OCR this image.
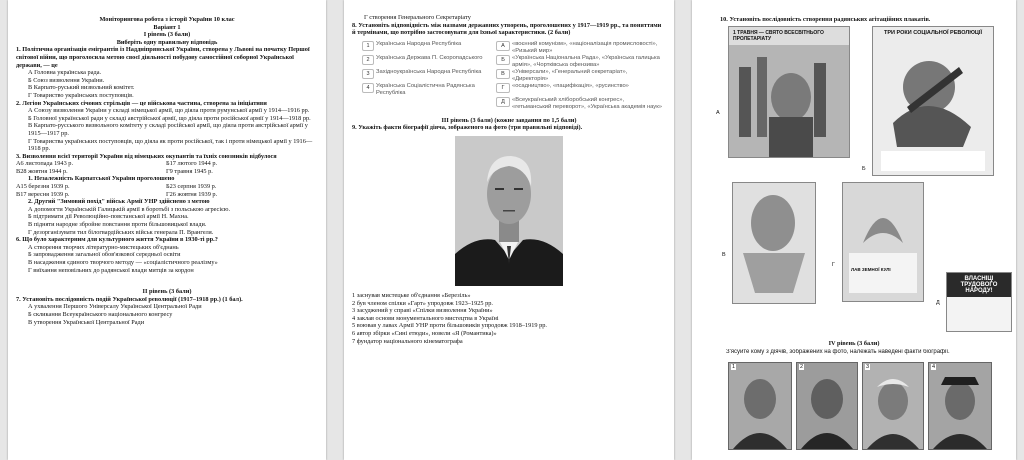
Моніторингова робота з історії України 10 клас

Варіант 1

І рівень (3 бали)

Виберіть одну правильну відповідь

1. Політична організація емігрантів із Наддніпрянської України, створена у Львові на початку Першої світової війни, що проголосила метою своєї діяльності побудову самостійної соборної Української держави, — це

А Головна українська рада.

Б Союз визволення України.

В Карпато-руський визвольний комітет.

Г Товариство українських поступовців.

2. Легіон Українських січових стрільців — це військова частина, створена за ініціативи

А Союзу визволення України у складі німецької армії, що діяла проти румунської армії у 1914—1916 рр.

Б Головної української ради у складі австрійської армії, що діяла проти російської армії у 1914—1918 рр.

В Карпато-русського визвольного комітету у складі російської армії, що діяла проти австрійської армії у 1915—1917 рр.

Г Товариства українських поступовців, що діяла як проти російської, так і проти німецької армії у 1916—1918 рр.

3. Визволення всієї території України від німецьких окупантів та їхніх союзників відбулося

А6 листопада 1943 р.	Б17 лютого 1944 р.

В28 жовтня 1944 р.	Г9 травня 1945 р.

1. Незалежність Карпатської України проголошено

А15 березня 1939 р.	Б23 серпня 1939 р.

В17 вересня 1939 р.	Г26 жовтня 1939 р.

2. Другий "Зимовий похід" військ Армії УНР здійснено з метою

А допомогти Українській Галицькій армії в боротьбі з польською агресією.

Б підтримати дії Революційно-повстанської армії Н. Махна.

В підняти народне збройне повстання проти більшовицької влади.

Г дезорганізувати тил білогвардійських військ генерала П. Врангеля.

6. Що було характерним для культурного життя України в 1930-ті рр.?

А створення творчих літературно-мистецьких об'єднань

Б запровадження загальної обов'язкової середньої освіти

В насадження єдиного творчого методу — «соціалістичного реалізму»

Г виїхання неповільних до радянської влади митців за кордон

ІІ рівень (3 бали)

7. Установіть послідовність подій Української революції (1917–1918 рр.) (1 бал).

А ухвалення Першого Універсалу Української Центральної Ради

Б скликання Всеукраїнського національного конгресу

В утворення Української Центральної Ради

Г створення Генерального Секретаріату

8. Установіть відповідність між назвами державних утворень, проголошених у 1917—1919 рр., та поняттями й термінами, що потрібно застосовувати для їхньої характеристики. (2 бали)

1	Українська Народна Республіка	А	«воєнний комунізм», «націоналізація промисловості», «Ризький мир»
2	Українська Держава П. Скоропадського	Б	«Українська Національна Рада», «Українська галицька армія», «Чортківська офензива»
3	Західноукраїнська Народна Республіка	В	«Універсали», «Генеральний секретаріат», «Директорія»
4	Українська Соціалістична Радянська Республіка
Г	«осадництво», «пацифікація», «русинство»
Д	«Всеукраїнський хліборобський конгрес», «гетьманський переворот», «Українська академія наук»

ІІІ рівень (3 бали) (кожне завдання по 1,5 бали)

9. Укажіть факти біографії діяча, зображеного на фото (три правильні відповіді).

1 заснував мистецьке об'єднання «Березіль»

2 був членом спілки «Гарт» упродовж 1923–1925 рр.

3 засуджений у справі «Спілки визволення України»

4 заклав основи монументального мистецтва в Україні

5 воював у лавах Армії УНР проти більшовиків упродовж 1918–1919 рр.

6 автор збірки «Сині етюди», новели «Я (Романтика)»

7 фундатор національного кінематографа

10. Установіть послідовність створення радянських агітаційних плакатів.

1 ТРАВНЯ — СВЯТО ВСЕСВІТНЬОГО ПРОЛЕТАРІАТУ
А
ТРИ РОКИ СОЦІАЛЬНОЇ РЕВОЛЮЦІЇ
Б
В
ЛАВ ЗЕМНОЇ КУЛІ
Г
ВЛАСНІЦІ ТРУДОВОГО НАРОДУ!
Д

IV рівень (3 бали)

З'ясуйте кому з діячів, зображених на фото, належать наведені факти біографії.

1	2	3	4
